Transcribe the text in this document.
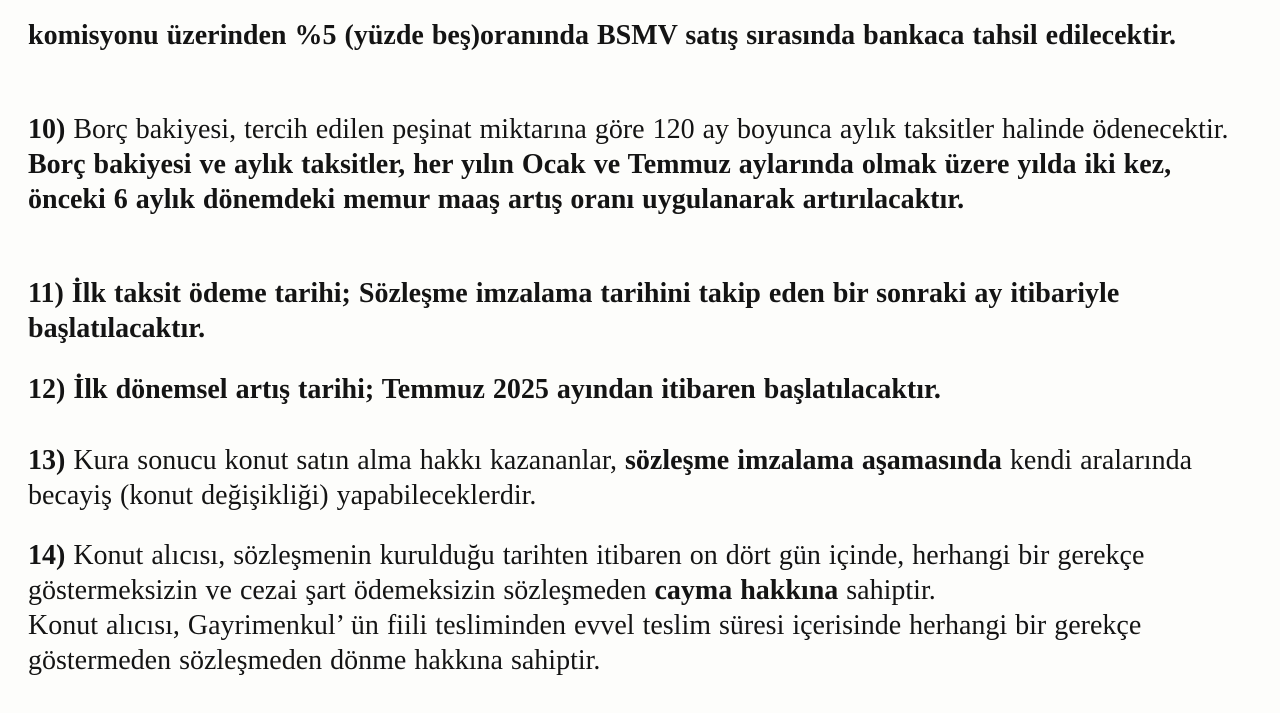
komisyonu üzerinden %5 (yüzde beş)oranında BSMV satış sırasında bankaca tahsil edilecektir.

10) Borç bakiyesi, tercih edilen peşinat miktarına göre 120 ay boyunca aylık taksitler halinde ödenecektir.
Borç bakiyesi ve aylık taksitler, her yılın Ocak ve Temmuz aylarında olmak üzere yılda iki kez, önceki 6 aylık dönemdeki memur maaş artış oranı uygulanarak artırılacaktır.

11) İlk taksit ödeme tarihi; Sözleşme imzalama tarihini takip eden bir sonraki ay itibariyle başlatılacaktır.

12) İlk dönemsel artış tarihi; Temmuz 2025 ayından itibaren başlatılacaktır.

13) Kura sonucu konut satın alma hakkı kazananlar, sözleşme imzalama aşamasında kendi aralarında becayiş (konut değişikliği) yapabileceklerdir.

14) Konut alıcısı, sözleşmenin kurulduğu tarihten itibaren on dört gün içinde, herhangi bir gerekçe göstermeksizin ve cezai şart ödemeksizin sözleşmeden cayma hakkına sahiptir.
Konut alıcısı, Gayrimenkul’ ün fiili tesliminden evvel teslim süresi içerisinde herhangi bir gerekçe göstermeden sözleşmeden dönme hakkına sahiptir.
